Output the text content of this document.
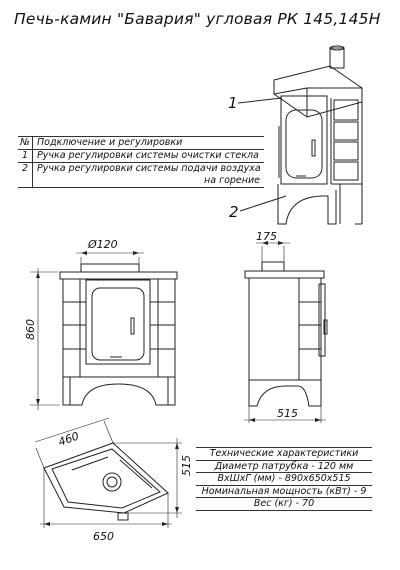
Печь-камин "Бавария" угловая РК 145,145Н
1
2
Ø120
860
175
515
460
515
650
№ Подключение и регулировки
1 Ручка регулировки системы очистки стекла
2 Ручка регулировки системы подачи воздуха
на горение
Технические характеристики
Диаметр патрубка - 120 мм
ВхШхГ (мм) - 890х650х515
Номинальная мощность (кВт) - 9
Вес (кг) - 70
